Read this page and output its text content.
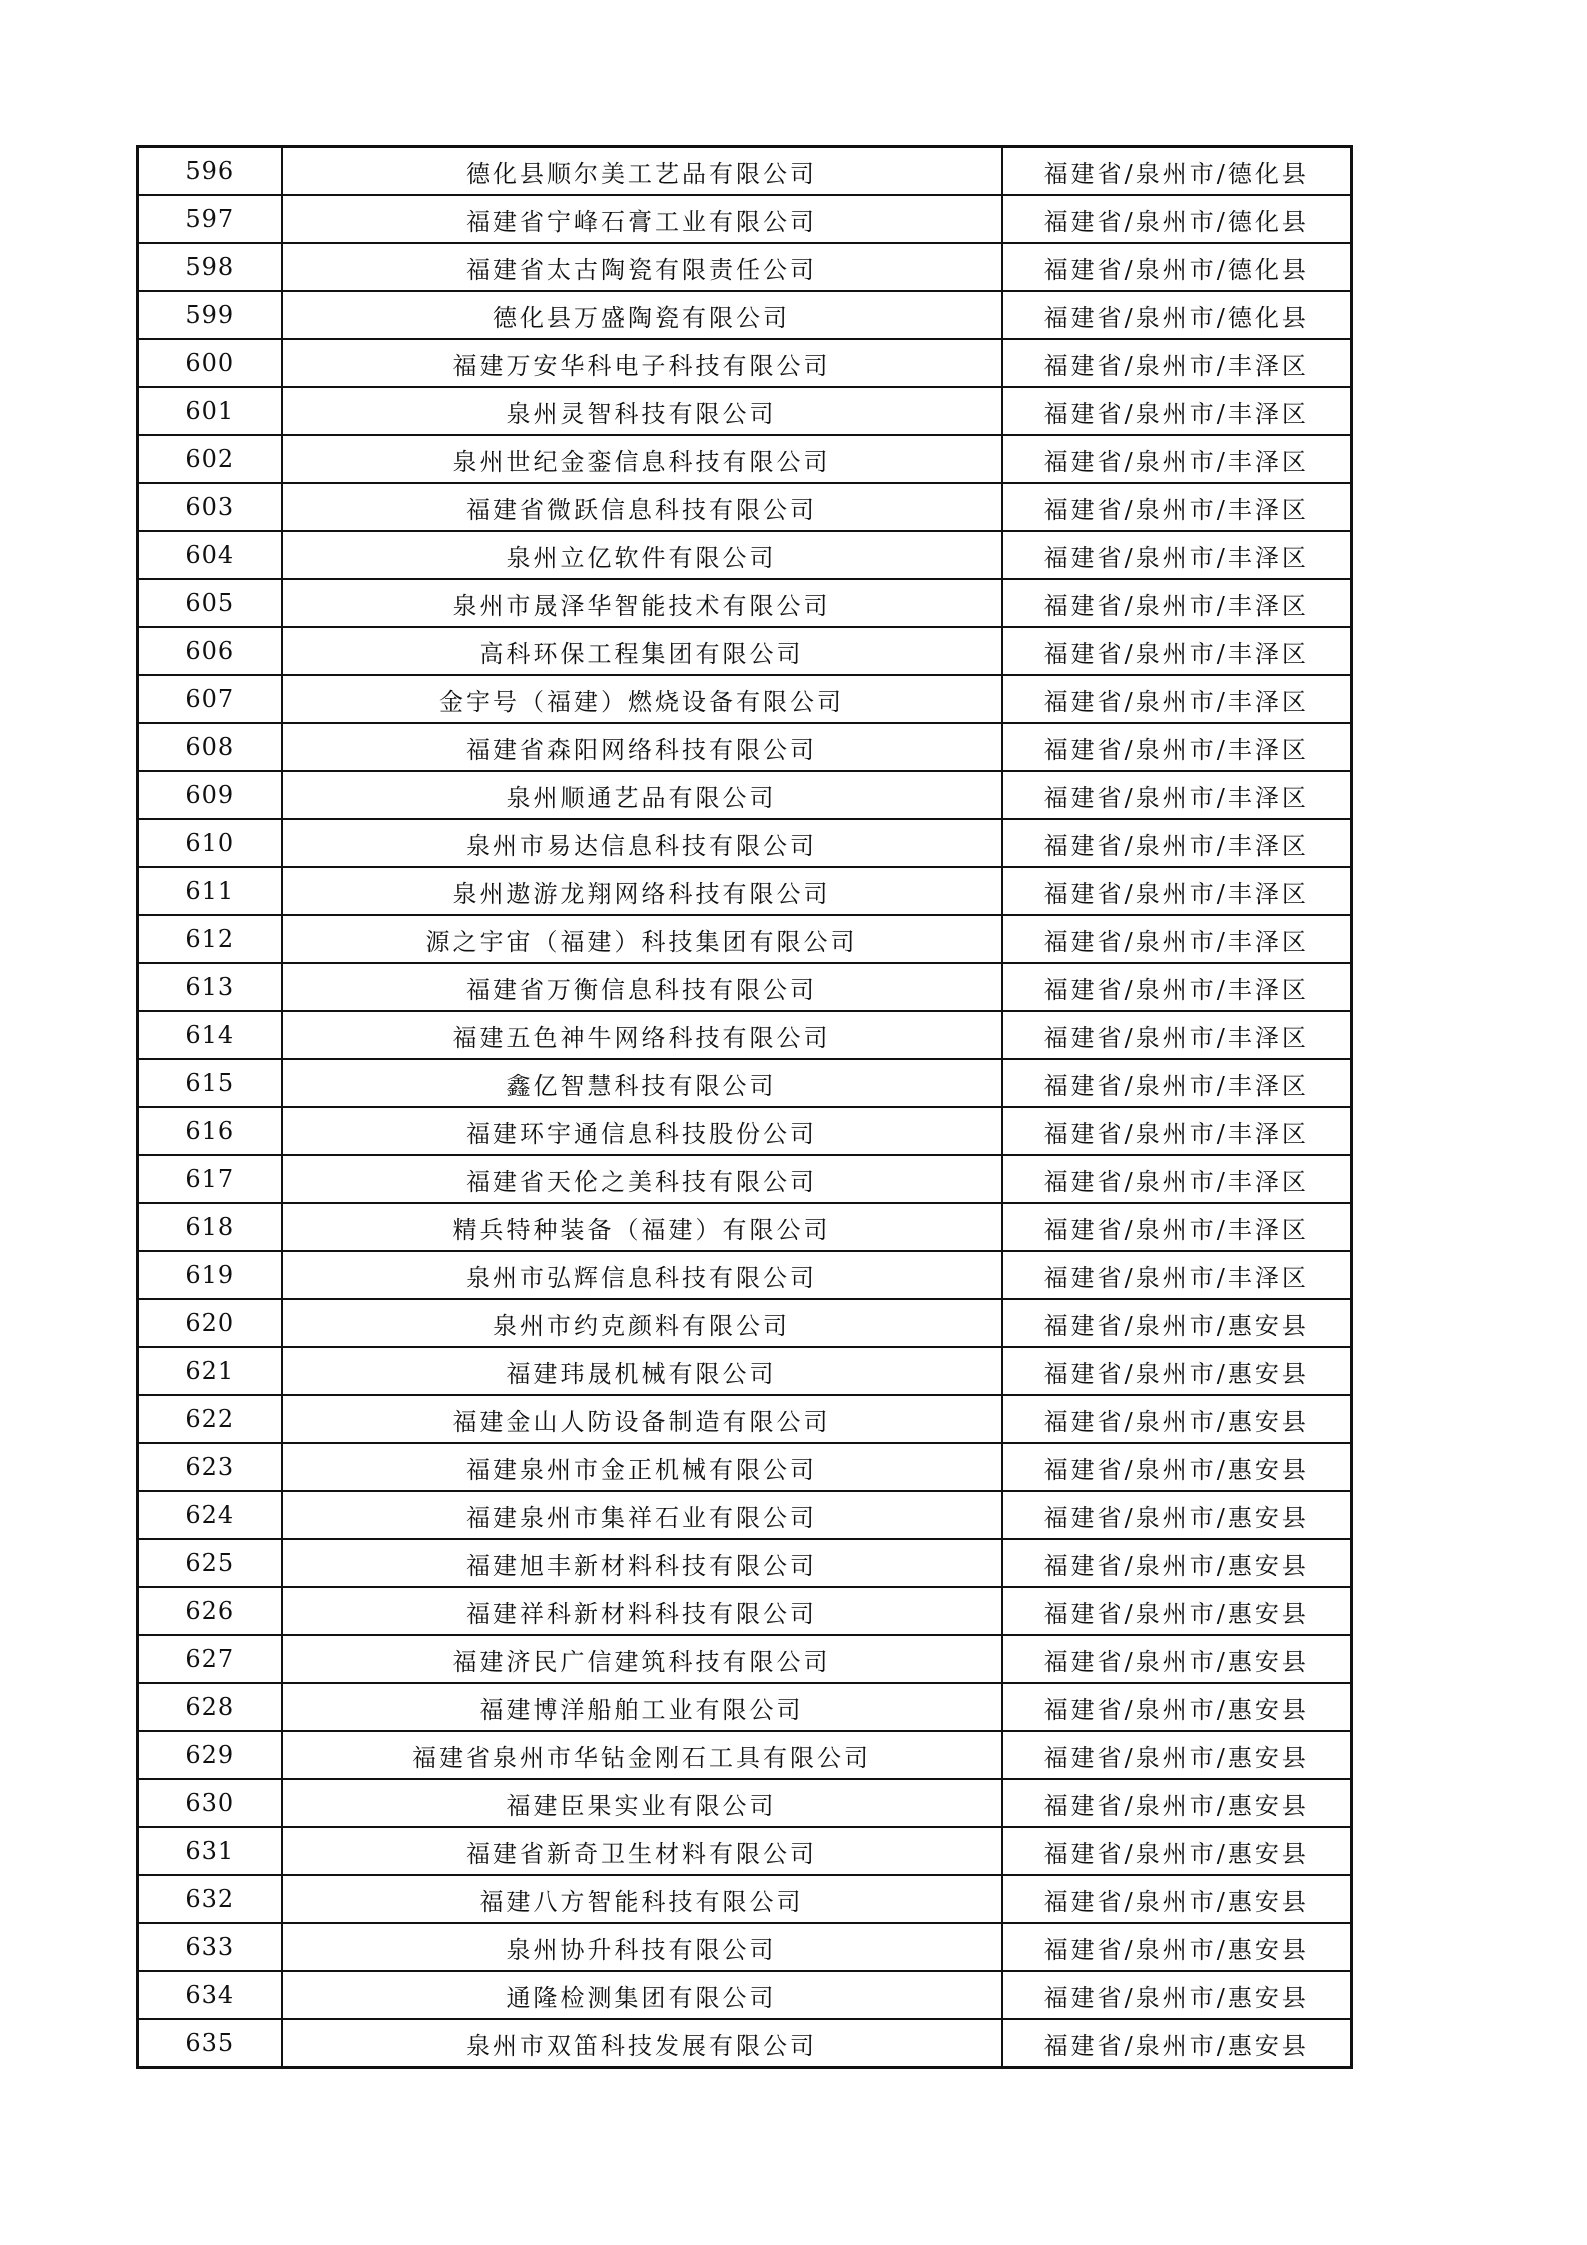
596	德化县顺尔美工艺品有限公司	福建省/泉州市/德化县
597	福建省宁峰石膏工业有限公司	福建省/泉州市/德化县
598	福建省太古陶瓷有限责任公司	福建省/泉州市/德化县
599	德化县万盛陶瓷有限公司	福建省/泉州市/德化县
600	福建万安华科电子科技有限公司	福建省/泉州市/丰泽区
601	泉州灵智科技有限公司	福建省/泉州市/丰泽区
602	泉州世纪金銮信息科技有限公司	福建省/泉州市/丰泽区
603	福建省微跃信息科技有限公司	福建省/泉州市/丰泽区
604	泉州立亿软件有限公司	福建省/泉州市/丰泽区
605	泉州市晟泽华智能技术有限公司	福建省/泉州市/丰泽区
606	高科环保工程集团有限公司	福建省/泉州市/丰泽区
607	金宇号（福建）燃烧设备有限公司	福建省/泉州市/丰泽区
608	福建省森阳网络科技有限公司	福建省/泉州市/丰泽区
609	泉州顺通艺品有限公司	福建省/泉州市/丰泽区
610	泉州市易达信息科技有限公司	福建省/泉州市/丰泽区
611	泉州遨游龙翔网络科技有限公司	福建省/泉州市/丰泽区
612	源之宇宙（福建）科技集团有限公司	福建省/泉州市/丰泽区
613	福建省万衡信息科技有限公司	福建省/泉州市/丰泽区
614	福建五色神牛网络科技有限公司	福建省/泉州市/丰泽区
615	鑫亿智慧科技有限公司	福建省/泉州市/丰泽区
616	福建环宇通信息科技股份公司	福建省/泉州市/丰泽区
617	福建省天伦之美科技有限公司	福建省/泉州市/丰泽区
618	精兵特种装备（福建）有限公司	福建省/泉州市/丰泽区
619	泉州市弘辉信息科技有限公司	福建省/泉州市/丰泽区
620	泉州市约克颜料有限公司	福建省/泉州市/惠安县
621	福建玮晟机械有限公司	福建省/泉州市/惠安县
622	福建金山人防设备制造有限公司	福建省/泉州市/惠安县
623	福建泉州市金正机械有限公司	福建省/泉州市/惠安县
624	福建泉州市集祥石业有限公司	福建省/泉州市/惠安县
625	福建旭丰新材料科技有限公司	福建省/泉州市/惠安县
626	福建祥科新材料科技有限公司	福建省/泉州市/惠安县
627	福建济民广信建筑科技有限公司	福建省/泉州市/惠安县
628	福建博洋船舶工业有限公司	福建省/泉州市/惠安县
629	福建省泉州市华钻金刚石工具有限公司	福建省/泉州市/惠安县
630	福建臣果实业有限公司	福建省/泉州市/惠安县
631	福建省新奇卫生材料有限公司	福建省/泉州市/惠安县
632	福建八方智能科技有限公司	福建省/泉州市/惠安县
633	泉州协升科技有限公司	福建省/泉州市/惠安县
634	通隆检测集团有限公司	福建省/泉州市/惠安县
635	泉州市双笛科技发展有限公司	福建省/泉州市/惠安县
